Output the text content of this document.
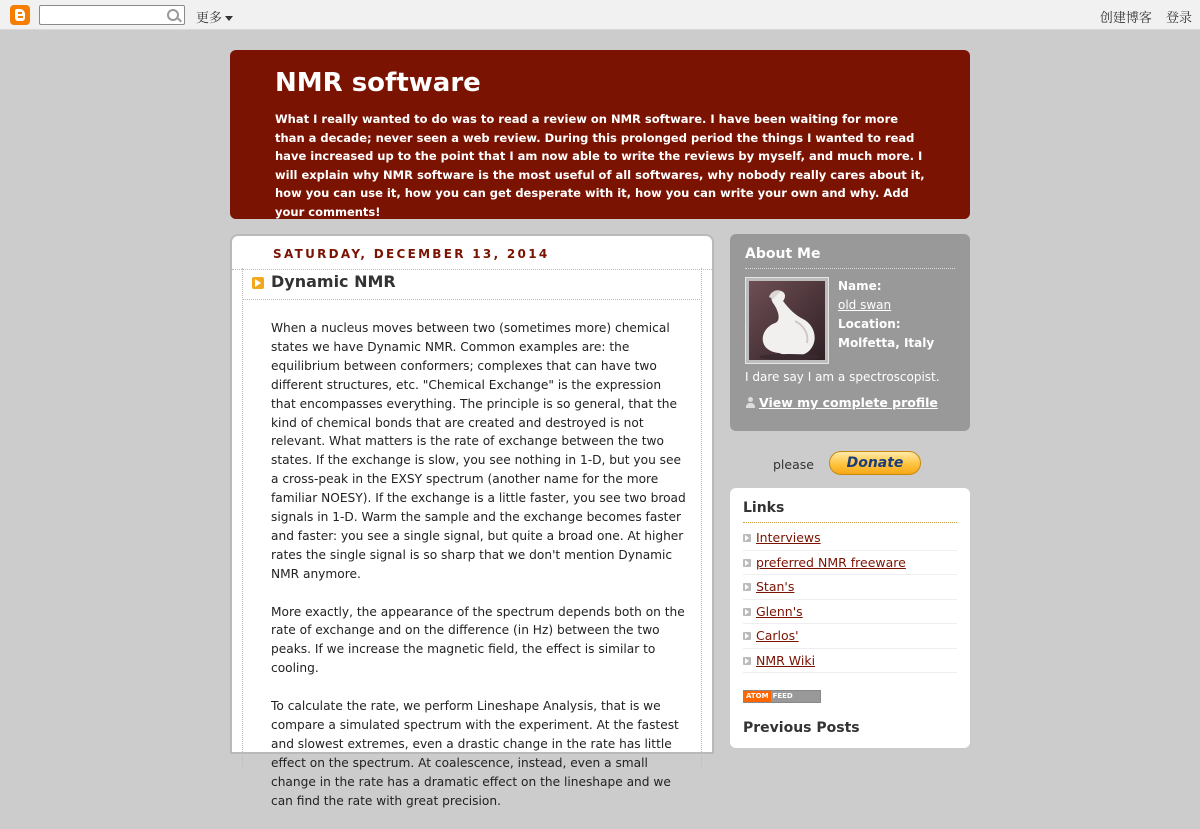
更多	创建博客 登录
NMR software
What I really wanted to do was to read a review on NMR software. I have been waiting for more than a decade; never seen a web review. During this prolonged period the things I wanted to read have increased up to the point that I am now able to write the reviews by myself, and much more. I will explain why NMR software is the most useful of all softwares, why nobody really cares about it, how you can use it, how you can get desperate with it, how you can write your own and why. Add your comments!
SATURDAY, DECEMBER 13, 2014
Dynamic NMR

When a nucleus moves between two (sometimes more) chemical states we have Dynamic NMR. Common examples are: the equilibrium between conformers; complexes that can have two different structures, etc. "Chemical Exchange" is the expression that encompasses everything. The principle is so general, that the kind of chemical bonds that are created and destroyed is not relevant. What matters is the rate of exchange between the two states. If the exchange is slow, you see nothing in 1-D, but you see a cross-peak in the EXSY spectrum (another name for the more familiar NOESY). If the exchange is a little faster, you see two broad signals in 1-D. Warm the sample and the exchange becomes faster and faster: you see a single signal, but quite a broad one. At higher rates the single signal is so sharp that we don't mention Dynamic NMR anymore.

More exactly, the appearance of the spectrum depends both on the rate of exchange and on the difference (in Hz) between the two peaks. If we increase the magnetic field, the effect is similar to cooling.

To calculate the rate, we perform Lineshape Analysis, that is we compare a simulated spectrum with the experiment. At the fastest and slowest extremes, even a drastic change in the rate has little effect on the spectrum. At coalescence, instead, even a small change in the rate has a dramatic effect on the lineshape and we can find the rate with great precision.

About Me
Name:
old swan
Location:
Molfetta, Italy
I dare say I am a spectroscopist.
View my complete profile
please	Donate
Links
Interviews
preferred NMR freeware
Stan's
Glenn's
Carlos'
NMR Wiki
ATOM FEED
Previous Posts
